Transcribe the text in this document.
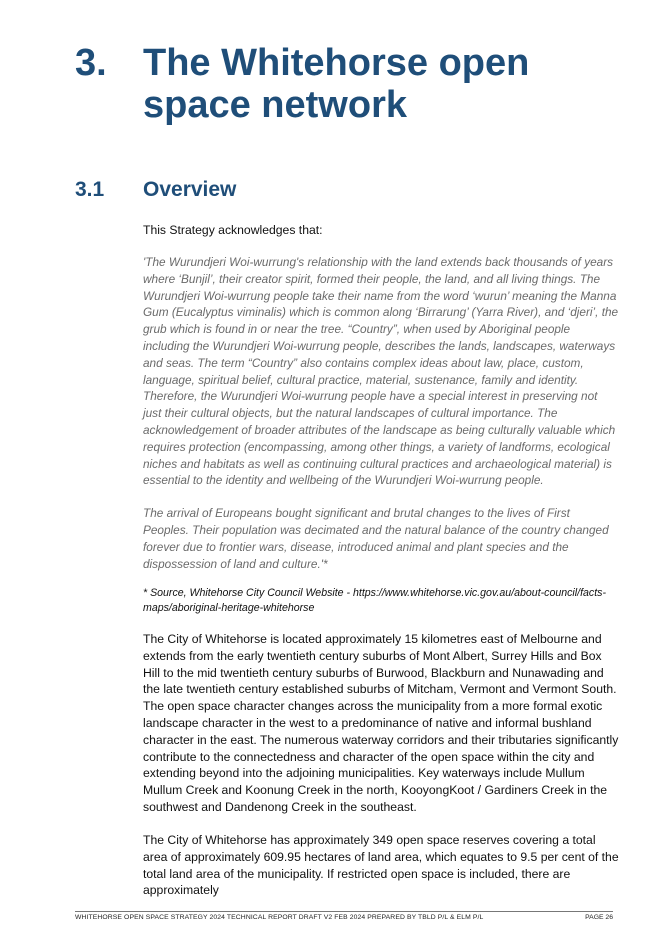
3. The Whitehorse open space network
3.1 Overview
This Strategy acknowledges that:

'The Wurundjeri Woi-wurrung's relationship with the land extends back thousands of years where ‘Bunjil’, their creator spirit, formed their people, the land, and all living things. The Wurundjeri Woi-wurrung people take their name from the word ‘wurun’ meaning the Manna Gum (Eucalyptus viminalis) which is common along ‘Birrarung’ (Yarra River), and ‘djeri’, the grub which is found in or near the tree. “Country”, when used by Aboriginal people including the Wurundjeri Woi-wurrung people, describes the lands, landscapes, waterways and seas. The term “Country” also contains complex ideas about law, place, custom, language, spiritual belief, cultural practice, material, sustenance, family and identity. Therefore, the Wurundjeri Woi-wurrung people have a special interest in preserving not just their cultural objects, but the natural landscapes of cultural importance. The acknowledgement of broader attributes of the landscape as being culturally valuable which requires protection (encompassing, among other things, a variety of landforms, ecological niches and habitats as well as continuing cultural practices and archaeological material) is essential to the identity and wellbeing of the Wurundjeri Woi-wurrung people.

The arrival of Europeans bought significant and brutal changes to the lives of First Peoples. Their population was decimated and the natural balance of the country changed forever due to frontier wars, disease, introduced animal and plant species and the dispossession of land and culture.'*

* Source, Whitehorse City Council Website - https://www.whitehorse.vic.gov.au/about-council/facts-maps/aboriginal-heritage-whitehorse
The City of Whitehorse is located approximately 15 kilometres east of Melbourne and extends from the early twentieth century suburbs of Mont Albert, Surrey Hills and Box Hill to the mid twentieth century suburbs of Burwood, Blackburn and Nunawading and the late twentieth century established suburbs of Mitcham, Vermont and Vermont South. The open space character changes across the municipality from a more formal exotic landscape character in the west to a predominance of native and informal bushland character in the east. The numerous waterway corridors and their tributaries significantly contribute to the connectedness and character of the open space within the city and extending beyond into the adjoining municipalities. Key waterways include Mullum Mullum Creek and Koonung Creek in the north, KooyongKoot / Gardiners Creek in the southwest and Dandenong Creek in the southeast.
The City of Whitehorse has approximately 349 open space reserves covering a total area of approximately 609.95 hectares of land area, which equates to 9.5 per cent of the total land area of the municipality. If restricted open space is included, there are approximately
WHITEHORSE OPEN SPACE STRATEGY 2024 TECHNICAL REPORT DRAFT V2 FEB 2024 PREPARED BY TBLD P/L & ELM P/L	PAGE 26
